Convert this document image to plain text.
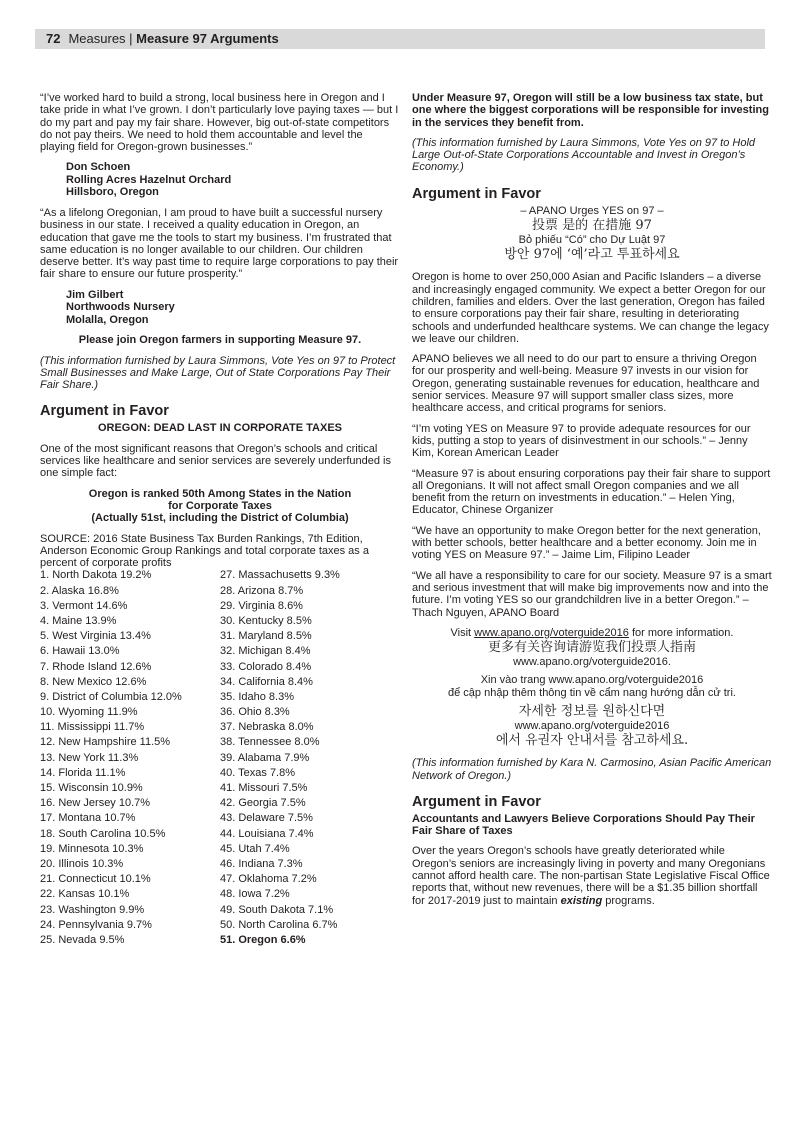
72 Measures | Measure 97 Arguments

“I’ve worked hard to build a strong, local business here in Oregon and I take pride in what I’ve grown. I don’t particularly love paying taxes — but I do my part and pay my fair share. However, big out-of-state competitors do not pay theirs. We need to hold them accountable and level the playing field for Oregon-grown businesses.”

Don Schoen
Rolling Acres Hazelnut Orchard
Hillsboro, Oregon

“As a lifelong Oregonian, I am proud to have built a successful nursery business in our state. I received a quality education in Oregon, an education that gave me the tools to start my business. I’m frustrated that same education is no longer available to our children. Our children deserve better. It’s way past time to require large corporations to pay their fair share to ensure our future prosperity.”

Jim Gilbert
Northwoods Nursery
Molalla, Oregon

Please join Oregon farmers in supporting Measure 97.

(This information furnished by Laura Simmons, Vote Yes on 97 to Protect Small Businesses and Make Large, Out of State Corporations Pay Their Fair Share.)

Argument in Favor
OREGON: DEAD LAST IN CORPORATE TAXES

One of the most significant reasons that Oregon’s schools and critical services like healthcare and senior services are severely underfunded is one simple fact:

Oregon is ranked 50th Among States in the Nation
for Corporate Taxes
(Actually 51st, including the District of Columbia)
SOURCE: 2016 State Business Tax Burden Rankings, 7th Edition, Anderson Economic Group Rankings and total corporate taxes as a percent of corporate profits
1. North Dakota 19.2%	27. Massachusetts 9.3%
2. Alaska 16.8%	28. Arizona 8.7%
3. Vermont 14.6%	29. Virginia 8.6%
4. Maine 13.9%	30. Kentucky 8.5%
5. West Virginia 13.4%	31. Maryland 8.5%
6. Hawaii 13.0%	32. Michigan 8.4%
7. Rhode Island 12.6%	33. Colorado 8.4%
8. New Mexico 12.6%	34. California 8.4%
9. District of Columbia 12.0%	35. Idaho 8.3%
10. Wyoming 11.9%	36. Ohio 8.3%
11. Mississippi 11.7%	37. Nebraska 8.0%
12. New Hampshire 11.5%	38. Tennessee 8.0%
13. New York 11.3%	39. Alabama 7.9%
14. Florida 11.1%	40. Texas 7.8%
15. Wisconsin 10.9%	41. Missouri 7.5%
16. New Jersey 10.7%	42. Georgia 7.5%
17. Montana 10.7%	43. Delaware 7.5%
18. South Carolina 10.5%	44. Louisiana 7.4%
19. Minnesota 10.3%	45. Utah 7.4%
20. Illinois 10.3%	46. Indiana 7.3%
21. Connecticut 10.1%	47. Oklahoma 7.2%
22. Kansas 10.1%	48. Iowa 7.2%
23. Washington 9.9%	49. South Dakota 7.1%
24. Pennsylvania 9.7%	50. North Carolina 6.7%
25. Nevada 9.5%	51. Oregon 6.6%

Under Measure 97, Oregon will still be a low business tax state, but one where the biggest corporations will be responsible for investing in the services they benefit from.

(This information furnished by Laura Simmons, Vote Yes on 97 to Hold Large Out-of-State Corporations Accountable and Invest in Oregon’s Economy.)

Argument in Favor
– APANO Urges YES on 97 –
投票 是的 在措施 97
Bỏ phiếu “Có” cho Dự Luật 97
방안 97에 ‘예’라고 투표하세요

Oregon is home to over 250,000 Asian and Pacific Islanders – a diverse and increasingly engaged community. We expect a better Oregon for our children, families and elders. Over the last generation, Oregon has failed to ensure corporations pay their fair share, resulting in deteriorating schools and underfunded healthcare systems. We can change the legacy we leave our children.

APANO believes we all need to do our part to ensure a thriving Oregon for our prosperity and well-being. Measure 97 invests in our vision for Oregon, generating sustainable revenues for education, healthcare and senior services. Measure 97 will support smaller class sizes, more healthcare access, and critical programs for seniors.

“I’m voting YES on Measure 97 to provide adequate resources for our kids, putting a stop to years of disinvestment in our schools.” – Jenny Kim, Korean American Leader

“Measure 97 is about ensuring corporations pay their fair share to support all Oregonians. It will not affect small Oregon companies and we all benefit from the return on investments in education.” – Helen Ying, Educator, Chinese Organizer

“We have an opportunity to make Oregon better for the next generation, with better schools, better healthcare and a better economy. Join me in voting YES on Measure 97.” – Jaime Lim, Filipino Leader

“We all have a responsibility to care for our society. Measure 97 is a smart and serious investment that will make big improvements now and into the future. I’m voting YES so our grandchildren live in a better Oregon.” – Thach Nguyen, APANO Board

Visit www.apano.org/voterguide2016 for more information.
更多有关咨询请游览我们投票人指南
www.apano.org/voterguide2016.
Xin vào trang www.apano.org/voterguide2016
để cập nhập thêm thông tin về cẩm nang hướng dẫn cử tri.
자세한 정보를 원하신다면
www.apano.org/voterguide2016
에서 유권자 안내서를 참고하세요.

(This information furnished by Kara N. Carmosino, Asian Pacific American Network of Oregon.)

Argument in Favor

Accountants and Lawyers Believe Corporations Should Pay Their Fair Share of Taxes

Over the years Oregon’s schools have greatly deteriorated while Oregon’s seniors are increasingly living in poverty and many Oregonians cannot afford health care. The non-partisan State Legislative Fiscal Office reports that, without new revenues, there will be a $1.35 billion shortfall for 2017-2019 just to maintain existing programs.
